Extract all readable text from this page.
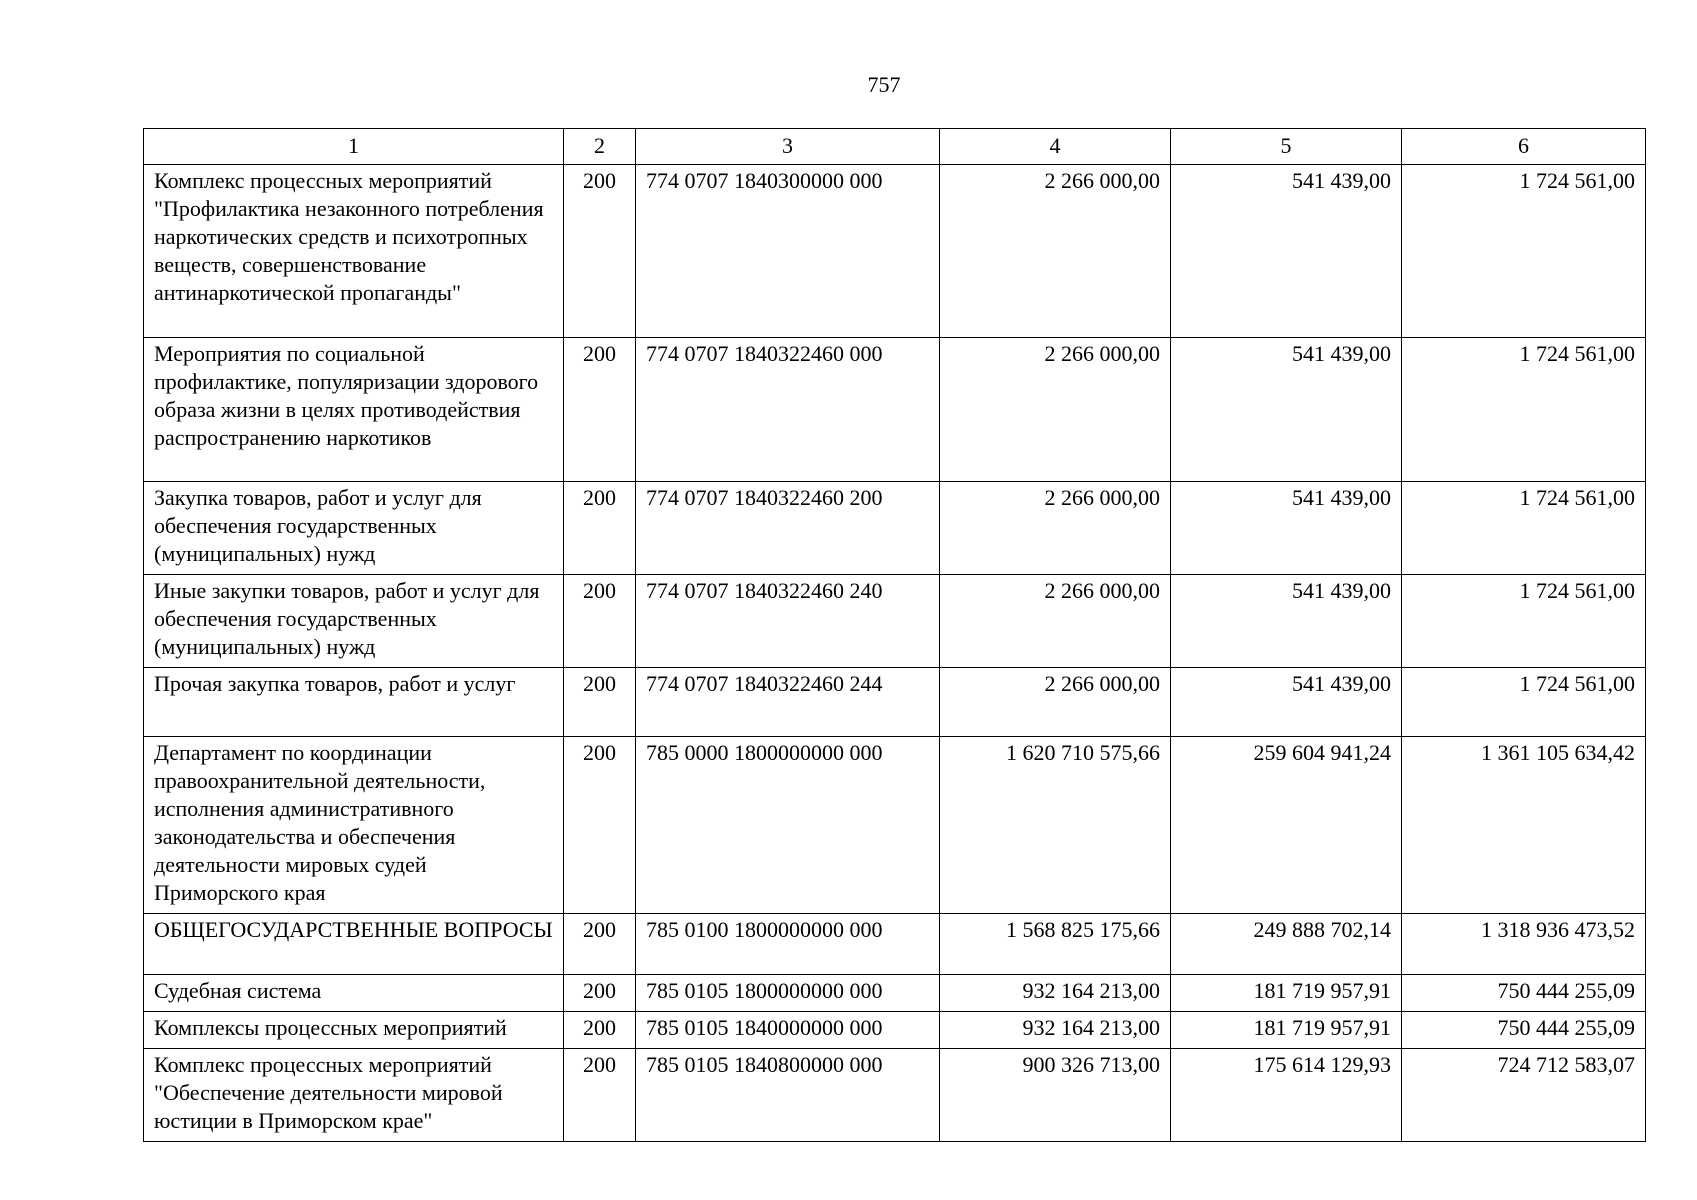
757
1	2	3	4	5	6
Комплекс процессных мероприятий "Профилактика незаконного потребления наркотических средств и психотропных веществ, совершенствование антинаркотической пропаганды"	200	774 0707 1840300000 000	2 266 000,00	541 439,00	1 724 561,00
Мероприятия по социальной профилактике, популяризации здорового образа жизни в целях противодействия распространению наркотиков	200	774 0707 1840322460 000	2 266 000,00	541 439,00	1 724 561,00
Закупка товаров, работ и услуг для обеспечения государственных (муниципальных) нужд	200	774 0707 1840322460 200	2 266 000,00	541 439,00	1 724 561,00
Иные закупки товаров, работ и услуг для обеспечения государственных (муниципальных) нужд	200	774 0707 1840322460 240	2 266 000,00	541 439,00	1 724 561,00
Прочая закупка товаров, работ и услуг	200	774 0707 1840322460 244	2 266 000,00	541 439,00	1 724 561,00
Департамент по координации правоохранительной деятельности, исполнения административного законодательства и обеспечения деятельности мировых судей Приморского края	200	785 0000 1800000000 000	1 620 710 575,66	259 604 941,24	1 361 105 634,42
ОБЩЕГОСУДАРСТВЕННЫЕ ВОПРОСЫ	200	785 0100 1800000000 000	1 568 825 175,66	249 888 702,14	1 318 936 473,52
Судебная система	200	785 0105 1800000000 000	932 164 213,00	181 719 957,91	750 444 255,09
Комплексы процессных мероприятий	200	785 0105 1840000000 000	932 164 213,00	181 719 957,91	750 444 255,09
Комплекс процессных мероприятий "Обеспечение деятельности мировой юстиции в Приморском крае"	200	785 0105 1840800000 000	900 326 713,00	175 614 129,93	724 712 583,07
